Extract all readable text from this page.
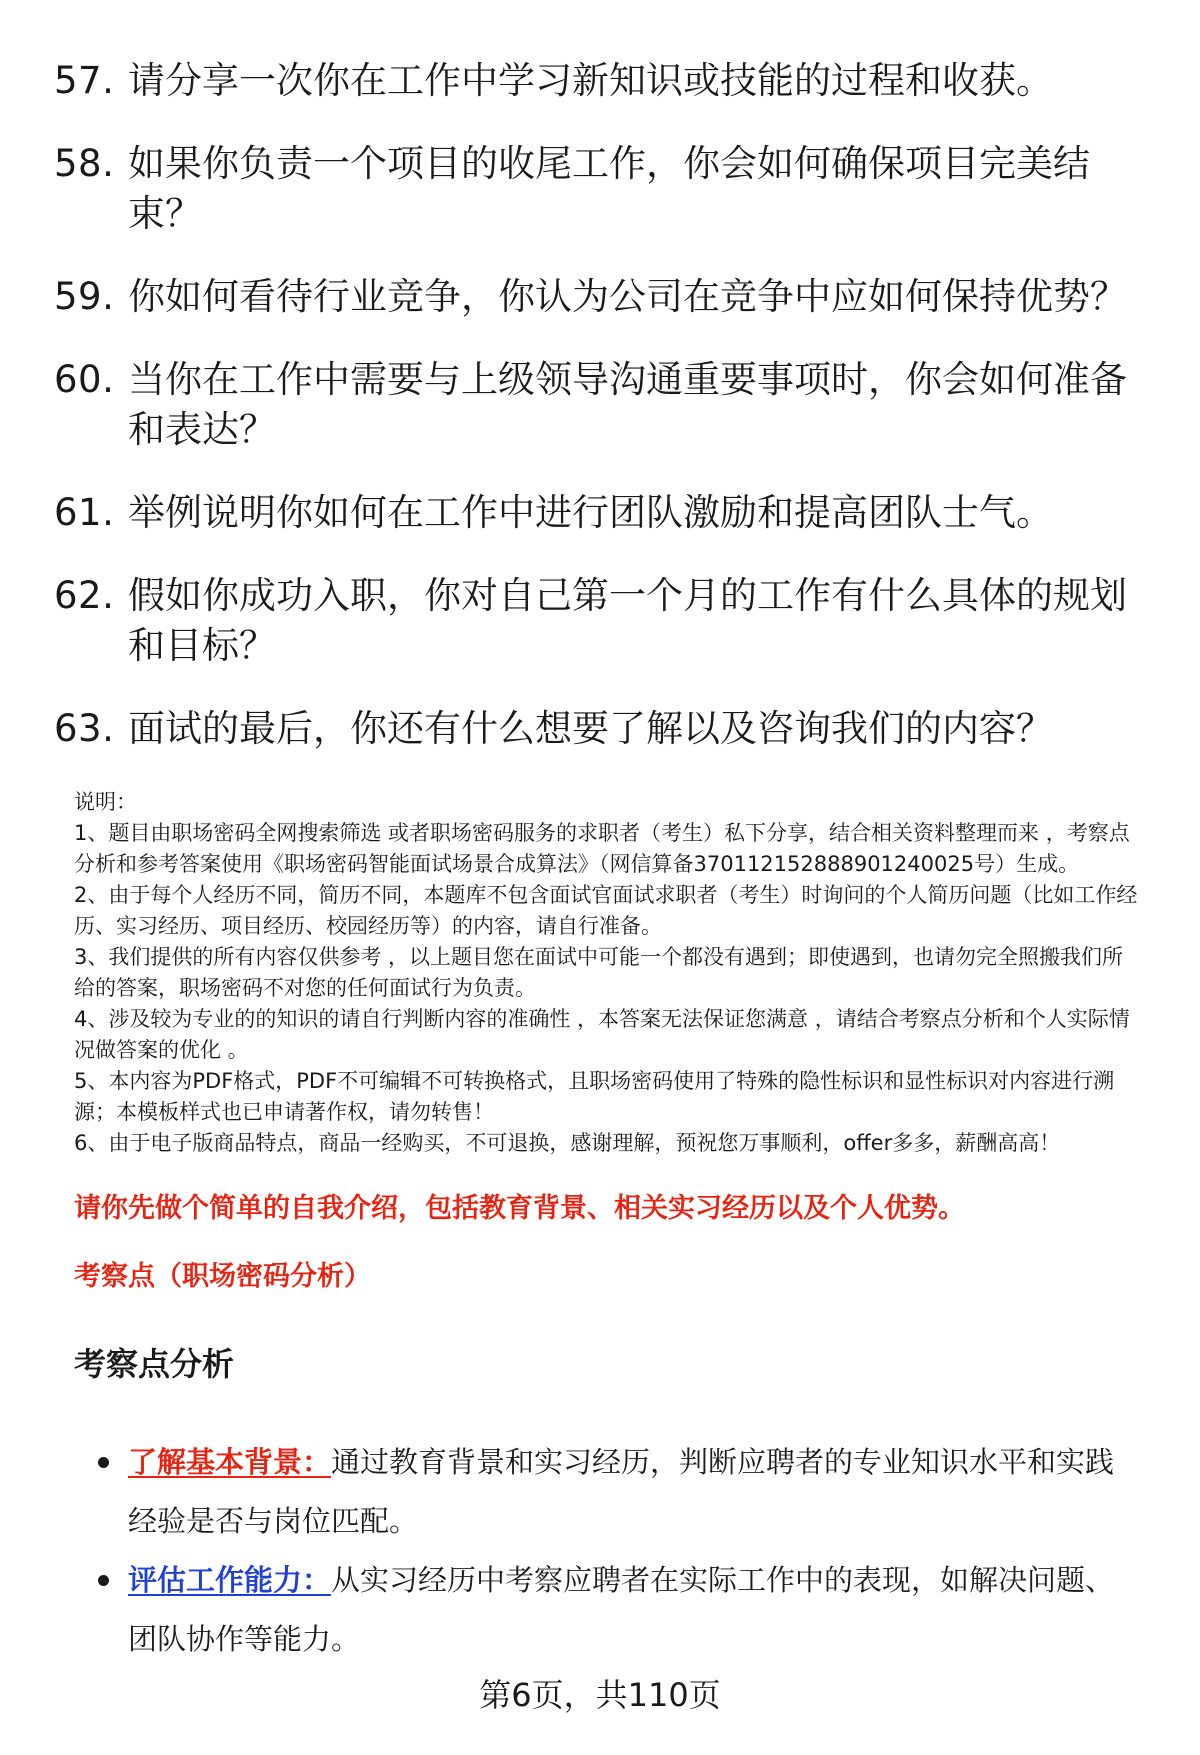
57. 请分享一次你在工作中学习新知识或技能的过程和收获。
58. 如果你负责一个项目的收尾工作，你会如何确保项目完美结束？
59. 你如何看待行业竞争，你认为公司在竞争中应如何保持优势？
60. 当你在工作中需要与上级领导沟通重要事项时，你会如何准备和表达？
61. 举例说明你如何在工作中进行团队激励和提高团队士气。
62. 假如你成功入职，你对自己第一个月的工作有什么具体的规划和目标？
63. 面试的最后，你还有什么想要了解以及咨询我们的内容？

说明：

1、题目由职场密码全网搜索筛选 或者职场密码服务的求职者（考生）私下分享，结合相关资料整理而来 ，考察点分析和参考答案使用《职场密码智能面试场景合成算法》（网信算备370112152888901240025号）生成。

2、由于每个人经历不同，简历不同，本题库不包含面试官面试求职者（考生）时询问的个人简历问题（比如工作经历、实习经历、项目经历、校园经历等）的内容，请自行准备。

3、我们提供的所有内容仅供参考 ，以上题目您在面试中可能一个都没有遇到；即使遇到，也请勿完全照搬我们所给的答案，职场密码不对您的任何面试行为负责。

4、涉及较为专业的的知识的请自行判断内容的准确性 ，本答案无法保证您满意 ，请结合考察点分析和个人实际情况做答案的优化 。

5、本内容为PDF格式，PDF不可编辑不可转换格式，且职场密码使用了特殊的隐性标识和显性标识对内容进行溯源；本模板样式也已申请著作权，请勿转售！

6、由于电子版商品特点，商品一经购买，不可退换，感谢理解，预祝您万事顺利，offer多多，薪酬高高！

请你先做个简单的自我介绍，包括教育背景、相关实习经历以及个人优势。
考察点（职场密码分析）
考察点分析
了解基本背景：通过教育背景和实习经历，判断应聘者的专业知识水平和实践经验是否与岗位匹配。
评估工作能力：从实习经历中考察应聘者在实际工作中的表现，如解决问题、团队协作等能力。
第6页，共110页
